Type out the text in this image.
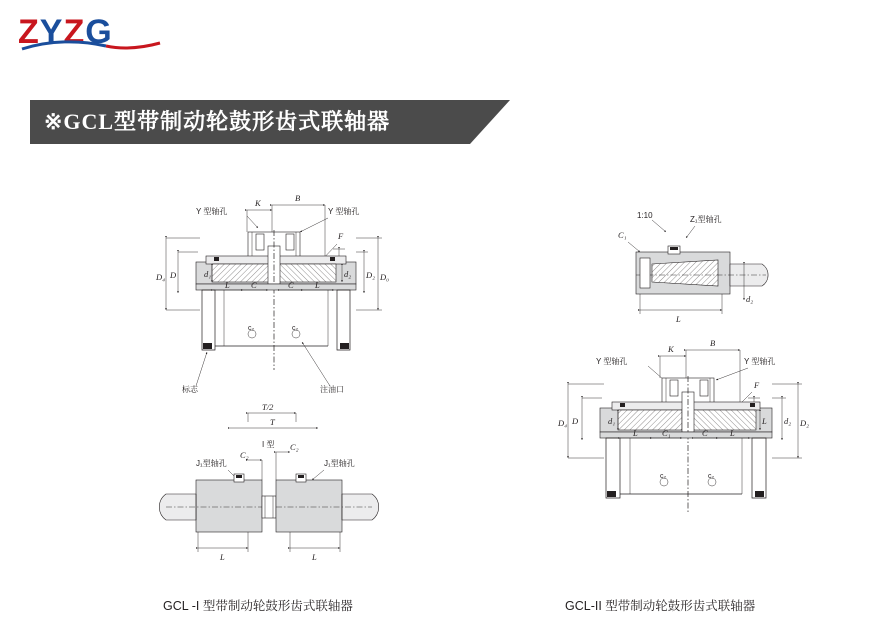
ZYZG
※GCL型带制动轮鼓形齿式联轴器
K	B
Y 型轴孔	Y 型轴孔
F
c₂	c₂
D
D₄	d₁	d₂ D₂ D₀
L	C	C	L
标志	注油口
T/2
T
I 型
C₂
C₂
J₁型轴孔	J₁型轴孔
L	L
1:10	Z₁型轴孔
C₁
L
d₂
K
B
Y 型轴孔	Y 型轴孔
F
c₂	c₂
D
D₄	d₁	L d₂ D₂
L	C₁	C	L
GCL -I 型带制动轮鼓形齿式联轴器	GCL-II 型带制动轮鼓形齿式联轴器
